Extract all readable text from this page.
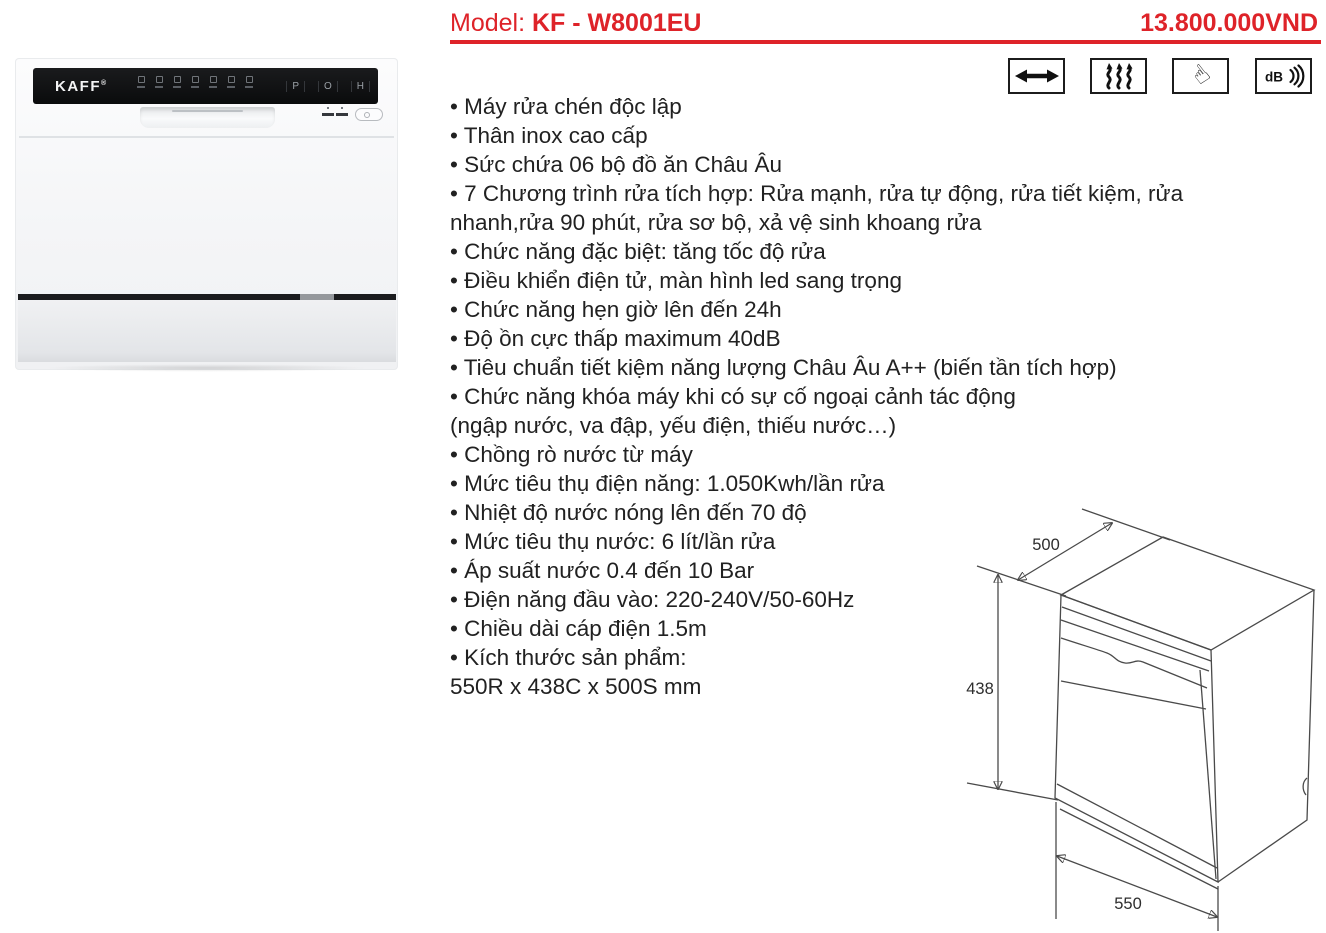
Model: KF - W8001EU	13.800.000VND
☝	dB
• Máy rửa chén độc lập
• Thân inox cao cấp
• Sức chứa 06 bộ đồ ăn Châu Âu
• 7 Chương trình rửa tích hợp: Rửa mạnh, rửa tự động, rửa tiết kiệm, rửa
nhanh,rửa 90 phút, rửa sơ bộ, xả vệ sinh khoang rửa
• Chức năng đặc biệt: tăng tốc độ rửa
• Điều khiển điện tử, màn hình led sang trọng
• Chức năng hẹn giờ lên đến 24h
• Độ ồn cực thấp maximum 40dB
• Tiêu chuẩn tiết kiệm năng lượng Châu Âu A++ (biến tần tích hợp)
• Chức năng khóa máy khi có sự cố ngoại cảnh tác động
(ngập nước, va đập, yếu điện, thiếu nước…)
• Chồng rò nước từ máy
• Mức tiêu thụ điện năng: 1.050Kwh/lần rửa
• Nhiệt độ nước nóng lên đến 70 độ
• Mức tiêu thụ nước: 6 lít/lần rửa
• Áp suất nước 0.4 đến 10 Bar
• Điện năng đầu vào: 220-240V/50-60Hz
• Chiều dài cáp điện 1.5m
• Kích thước sản phẩm:
550R x 438C x 500S mm
KAFF®	P	O	H
500
438
550
